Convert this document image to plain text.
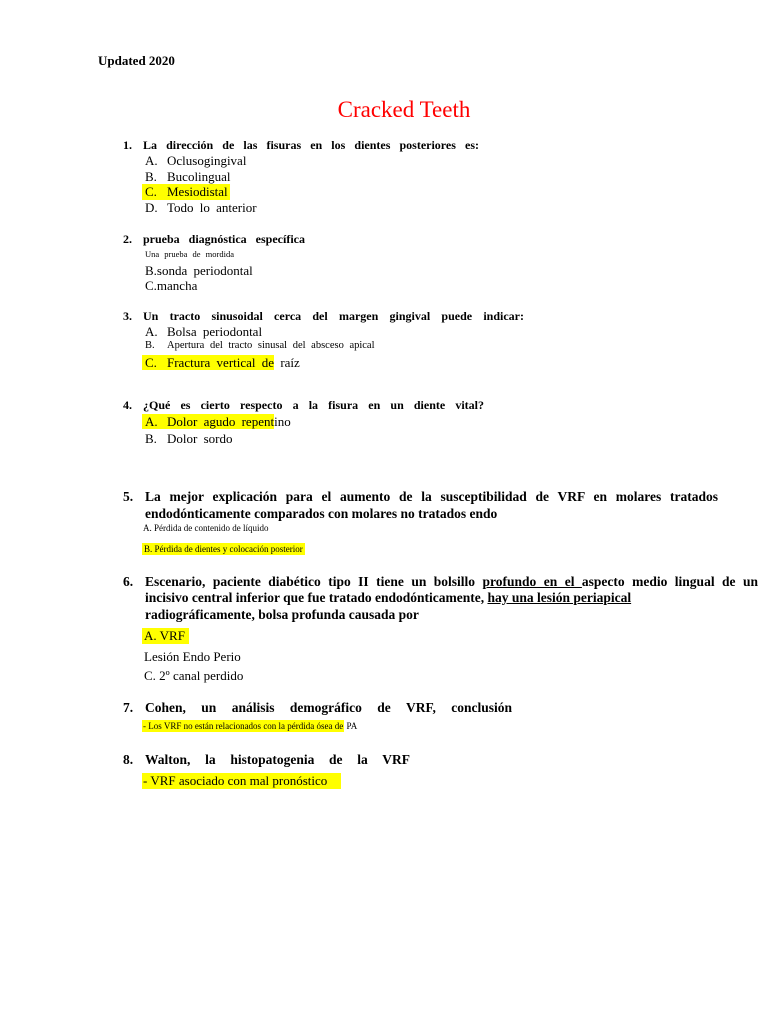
Updated 2020
Cracked Teeth
1. La dirección de las fisuras en los dientes posteriores es:
A. Oclusogingival
B. Bucolingual
C. Mesiodistal
D. Todo lo anterior
2. prueba diagnóstica específica
Una prueba de mordida
B.sonda periodontal
C.mancha
3. Un tracto sinusoidal cerca del margen gingival puede indicar:
A. Bolsa periodontal
B. Apertura del tracto sinusal del absceso apical
C. Fractura vertical de raíz
4. ¿Qué es cierto respecto a la fisura en un diente vital?
A. Dolor agudo repentino
B. Dolor sordo
5. La mejor explicación para el aumento de la susceptibilidad de VRF en molares tratados
endodónticamente comparados con molares no tratados endo
A. Pérdida de contenido de líquido
B. Pérdida de dientes y colocación posterior
6. Escenario, paciente diabético tipo II tiene un bolsillo profundo en el aspecto medio lingual de un
incisivo central inferior que fue tratado endodónticamente, hay una lesión periapical
radiográficamente, bolsa profunda causada por
A. VRF
Lesión Endo Perio
C. 2º canal perdido
7. Cohen, un análisis demográfico de VRF, conclusión
- Los VRF no están relacionados con la pérdida ósea de PA
8. Walton, la histopatogenia de la VRF
- VRF asociado con mal pronóstico
